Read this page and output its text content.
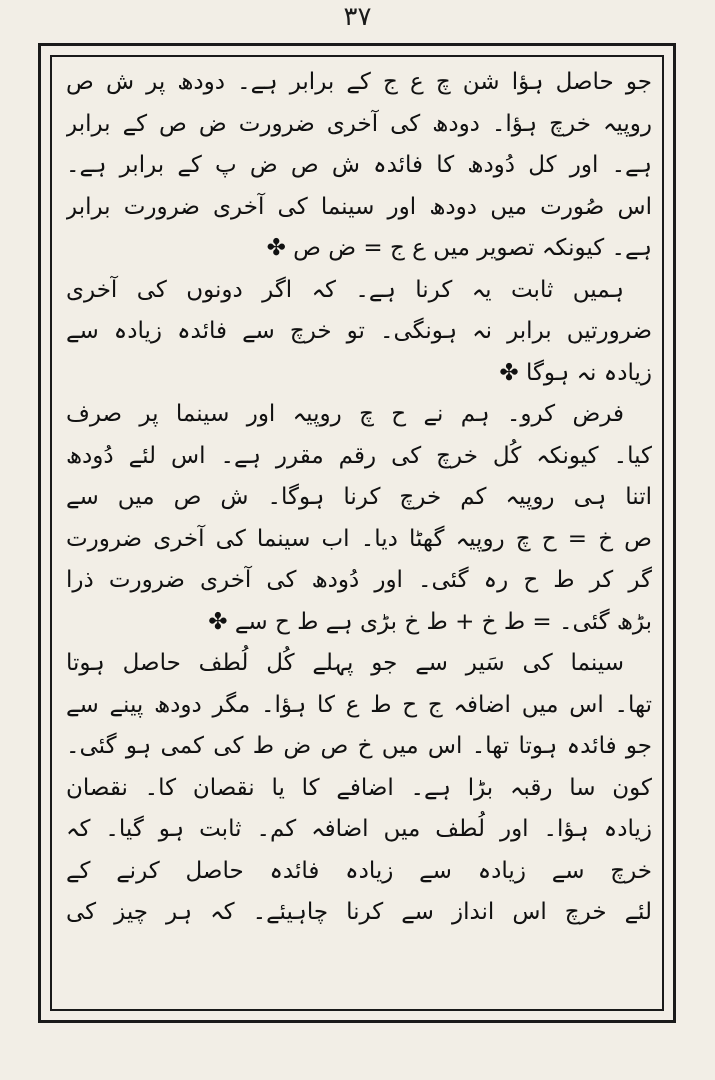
٣٧
جو حاصل ہؤا شن چ ع ج کے برابر ہے۔ دودھ پر ش ص
روپیہ خرچ ہؤا۔ دودھ کی آخری ضرورت ض ص کے برابر
ہے۔ اور کل دُودھ کا فائدہ ش ص ض پ کے برابر ہے۔
اس صُورت میں دودھ اور سینما کی آخری ضرورت برابر
ہے۔ کیونکہ تصویر میں ع ج = ض ص ✤
ہمیں ثابت یہ کرنا ہے۔ کہ اگر دونوں کی آخری
ضرورتیں برابر نہ ہونگی۔ تو خرچ سے فائدہ زیادہ سے
زیادہ نہ ہوگا ✤
فرض کرو۔ ہم نے ح چ روپیہ اور سینما پر صرف
کیا۔ کیونکہ کُل خرچ کی رقم مقرر ہے۔ اس لئے دُودھ
اتنا ہی روپیہ کم خرچ کرنا ہوگا۔ ش ص میں سے
ص خ = ح چ روپیہ گھٹا دیا۔ اب سینما کی آخری ضرورت
گر کر ط ح رہ گئی۔ اور دُودھ کی آخری ضرورت ذرا
بڑھ گئی۔ = ط خ + ط خ بڑی ہے ط ح سے ✤
سینما کی سَیر سے جو پہلے کُل لُطف حاصل ہوتا
تھا۔ اس میں اضافہ ج ح ط ع کا ہؤا۔ مگر دودھ پینے سے
جو فائدہ ہوتا تھا۔ اس میں خ ص ض ط کی کمی ہو گئی۔
کون سا رقبہ بڑا ہے۔ اضافے کا یا نقصان کا۔ نقصان
زیادہ ہؤا۔ اور لُطف میں اضافہ کم۔ ثابت ہو گیا۔ کہ
خرچ سے زیادہ سے زیادہ فائدہ حاصل کرنے کے
لئے خرچ اس انداز سے کرنا چاہیئے۔ کہ ہر چیز کی
